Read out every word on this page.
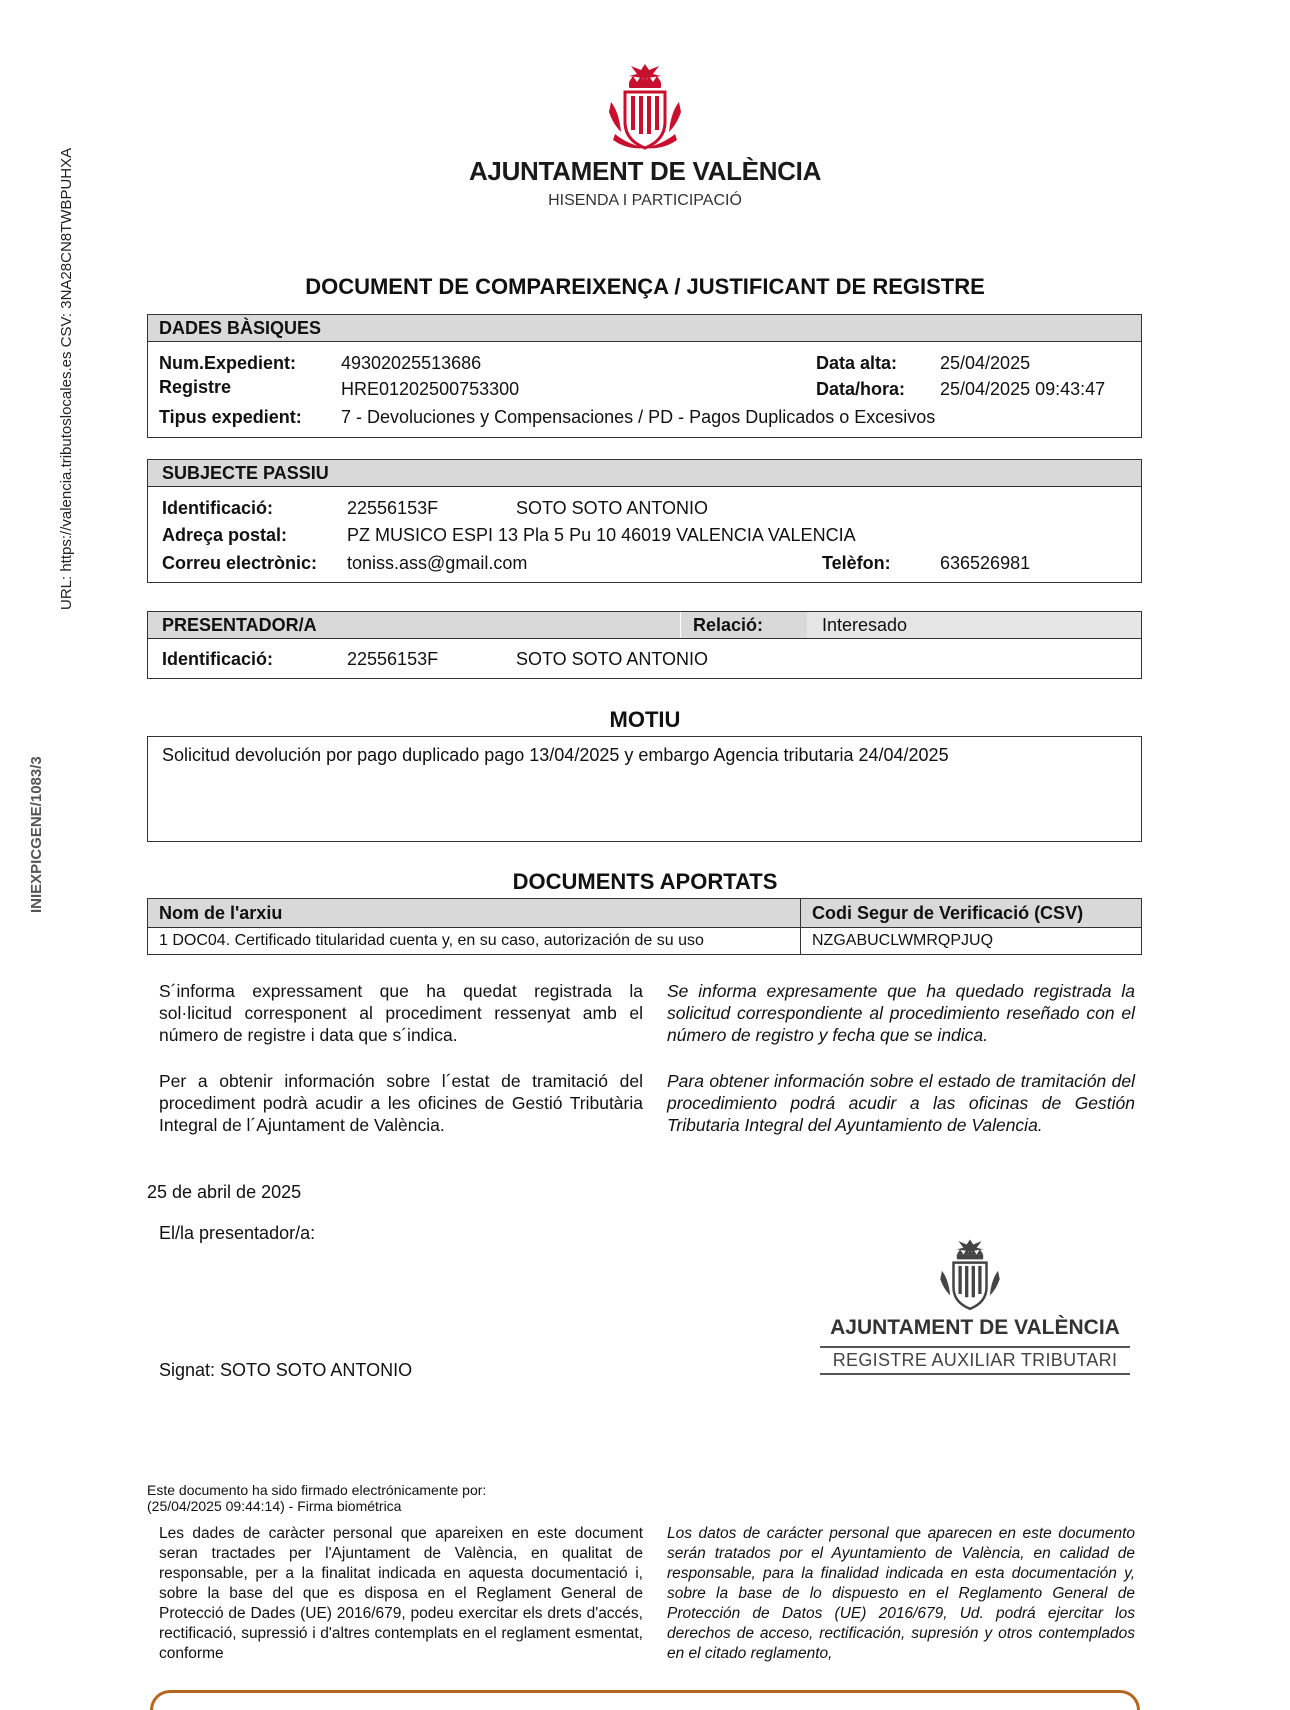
URL: https://valencia.tributoslocales.es CSV: 3NA28CN8TWBPUHXA
INIEXPICGENE/1083/3
AJUNTAMENT DE VALÈNCIA
HISENDA I PARTICIPACIÓ
DOCUMENT DE COMPAREIXENÇA / JUSTIFICANT DE REGISTRE
DADES BÀSIQUES
Num.Expedient: 49302025513686	Data alta: 25/04/2025
Registre	HRE01202500753300	Data/hora: 25/04/2025 09:43:47
Tipus expedient: 7 - Devoluciones y Compensaciones / PD - Pagos Duplicados o Excesivos
SUBJECTE PASSIU
Identificació:	22556153F	SOTO SOTO ANTONIO
Adreça postal:	PZ MUSICO ESPI 13 Pla 5 Pu 10 46019 VALENCIA VALENCIA
Correu electrònic: toniss.ass@gmail.com	Telèfon:	636526981
PRESENTADOR/A	Relació:	Interesado
Identificació:	22556153F	SOTO SOTO ANTONIO
MOTIU
Solicitud devolución por pago duplicado pago 13/04/2025 y embargo Agencia tributaria 24/04/2025
DOCUMENTS APORTATS
Nom de l'arxiu	Codi Segur de Verificació (CSV)
1 DOC04. Certificado titularidad cuenta y, en su caso, autorización de su uso	NZGABUCLWMRQPJUQ
S´informa expressament que ha quedat registrada la sol·licitud corresponent al procediment ressenyat amb el número de registre i data que s´indica.
Per a obtenir información sobre l´estat de tramitació del procediment podrà acudir a les oficines de Gestió Tributària Integral de l´Ajuntament de València.
Se informa expresamente que ha quedado registrada la solicitud correspondiente al procedimiento reseñado con el número de registro y fecha que se indica.
Para obtener información sobre el estado de tramitación del procedimiento podrá acudir a las oficinas de Gestión Tributaria Integral del Ayuntamiento de Valencia.
25 de abril de 2025
El/la presentador/a:
Signat: SOTO SOTO ANTONIO
AJUNTAMENT DE VALÈNCIA
REGISTRE AUXILIAR TRIBUTARI
Este documento ha sido firmado electrónicamente por:
(25/04/2025 09:44:14) - Firma biométrica
Les dades de caràcter personal que apareixen en este document seran tractades per l'Ajuntament de València, en qualitat de responsable, per a la finalitat indicada en aquesta documentació i, sobre la base del que es disposa en el Reglament General de Protecció de Dades (UE) 2016/679, podeu exercitar els drets d'accés, rectificació, supressió i d'altres contemplats en el reglament esmentat, conforme
Los datos de carácter personal que aparecen en este documento serán tratados por el Ayuntamiento de València, en calidad de responsable, para la finalidad indicada en esta documentación y, sobre la base de lo dispuesto en el Reglamento General de Protección de Datos (UE) 2016/679, Ud. podrá ejercitar los derechos de acceso, rectificación, supresión y otros contemplados en el citado reglamento,
